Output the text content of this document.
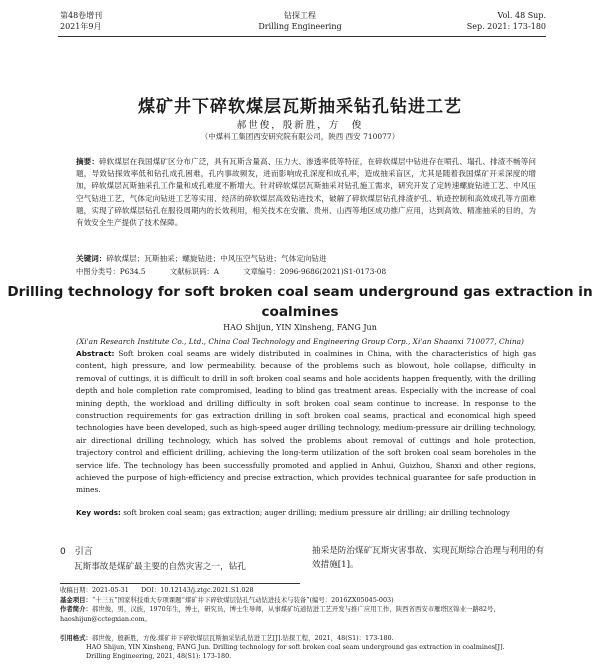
第48卷增刊
2021年9月
钻探工程
Drilling Engineering
Vol. 48 Sup.
Sep. 2021: 173-180
煤矿井下碎软煤层瓦斯抽采钻孔钻进工艺
郝世俊，殷新胜，方　俊
（中煤科工集团西安研究院有限公司，陕西 西安 710077）
摘要：碎软煤层在我国煤矿区分布广泛，具有瓦斯含量高、压力大、渗透率低等特征，在碎软煤层中钻进存在喷孔、塌孔、排渣不畅等问题，导致钻探效率低和钻孔成孔困难，孔内事故频发，进而影响成孔深度和成孔率，造成抽采盲区，尤其是随着我国煤矿开采深度的增加，碎软煤层瓦斯抽采孔工作量和成孔难度不断增大。针对碎软煤层瓦斯抽采对钻孔施工需求，研究开发了定转速螺旋钻进工艺、中风压空气钻进工艺，气体定向钻进工艺等实用、经济的碎软煤层高效钻进技术，破解了碎软煤层钻孔排渣护孔、轨迹控制和高效成孔等方面难题，实现了碎软煤层钻孔在服役周期内的长效利用，相关技术在安徽、贵州、山西等地区成功推广应用，达到高效、精准抽采的目的，为有效安全生产提供了技术保障。
关键词：碎软煤层；瓦斯抽采；螺旋钻进；中风压空气钻进；气体定向钻进
中图分类号：P634.5	文献标识码：A	文章编号：2096-9686(2021)S1-0173-08
Drilling technology for soft broken coal seam underground gas extraction in coalmines
HAO Shijun, YIN Xinsheng, FANG Jun
(Xi'an Research Institute Co., Ltd., China Coal Technology and Engineering Group Corp., Xi'an Shaanxi 710077, China)
Abstract: Soft broken coal seams are widely distributed in coalmines in China, with the characteristics of high gas content, high pressure, and low permeability. because of the problems such as blowout, hole collapse, difficulty in removal of cuttings, it is difficult to drill in soft broken coal seams and hole accidents happen frequently, with the drilling depth and hole completion rate compromised, leading to blind gas treatment areas. Especially with the increase of coal mining depth, the workload and drilling difficulty in soft broken coal seam continue to increase. In response to the construction requirements for gas extraction drilling in soft broken coal seams, practical and economical high speed technologies have been developed, such as high-speed auger drilling technology, medium-pressure air drilling technology, air directional drilling technology, which has solved the problems about removal of cuttings and hole protection, trajectory control and efficient drilling, achieving the long-term utilization of the soft broken coal seam boreholes in the service life. The technology has been successfully promoted and applied in Anhui, Guizhou, Shanxi and other regions, achieved the purpose of high-efficiency and precise extraction, which provides technical guarantee for safe production in mines.
Key words: soft broken coal seam; gas extraction; auger drilling; medium pressure air drilling; air drilling technology
0　引言
瓦斯事故是煤矿最主要的自然灾害之一，钻孔
抽采是防治煤矿瓦斯灾害事故、实现瓦斯综合治理与利用的有效措施[1]。
收稿日期：2021-05-31 DOI：10.12143/j.ztgc.2021.S1.028
基金项目：“十三五”国家科技重大专项课题“煤矿井下碎软煤层钻孔气动钻进技术与装备”(编号：2016ZX05045-003)
作者简介：郝世俊，男，汉族，1970年生，博士，研究员，博士生导师，从事煤矿坑道钻进工艺开发与推广应用工作，陕西省西安市雁塔区锦业一路82号，haoshijun@cctegxian.com。
引用格式：郝世俊，殷新胜，方俊.煤矿井下碎软煤层瓦斯抽采钻孔钻进工艺[J].钻探工程，2021，48(S1)：173-180.
HAO Shijun, YIN Xinsheng, FANG Jun. Drilling technology for soft broken coal seam underground gas extraction in coalmines[J].
Drilling Engineering, 2021, 48(S1): 173-180.
